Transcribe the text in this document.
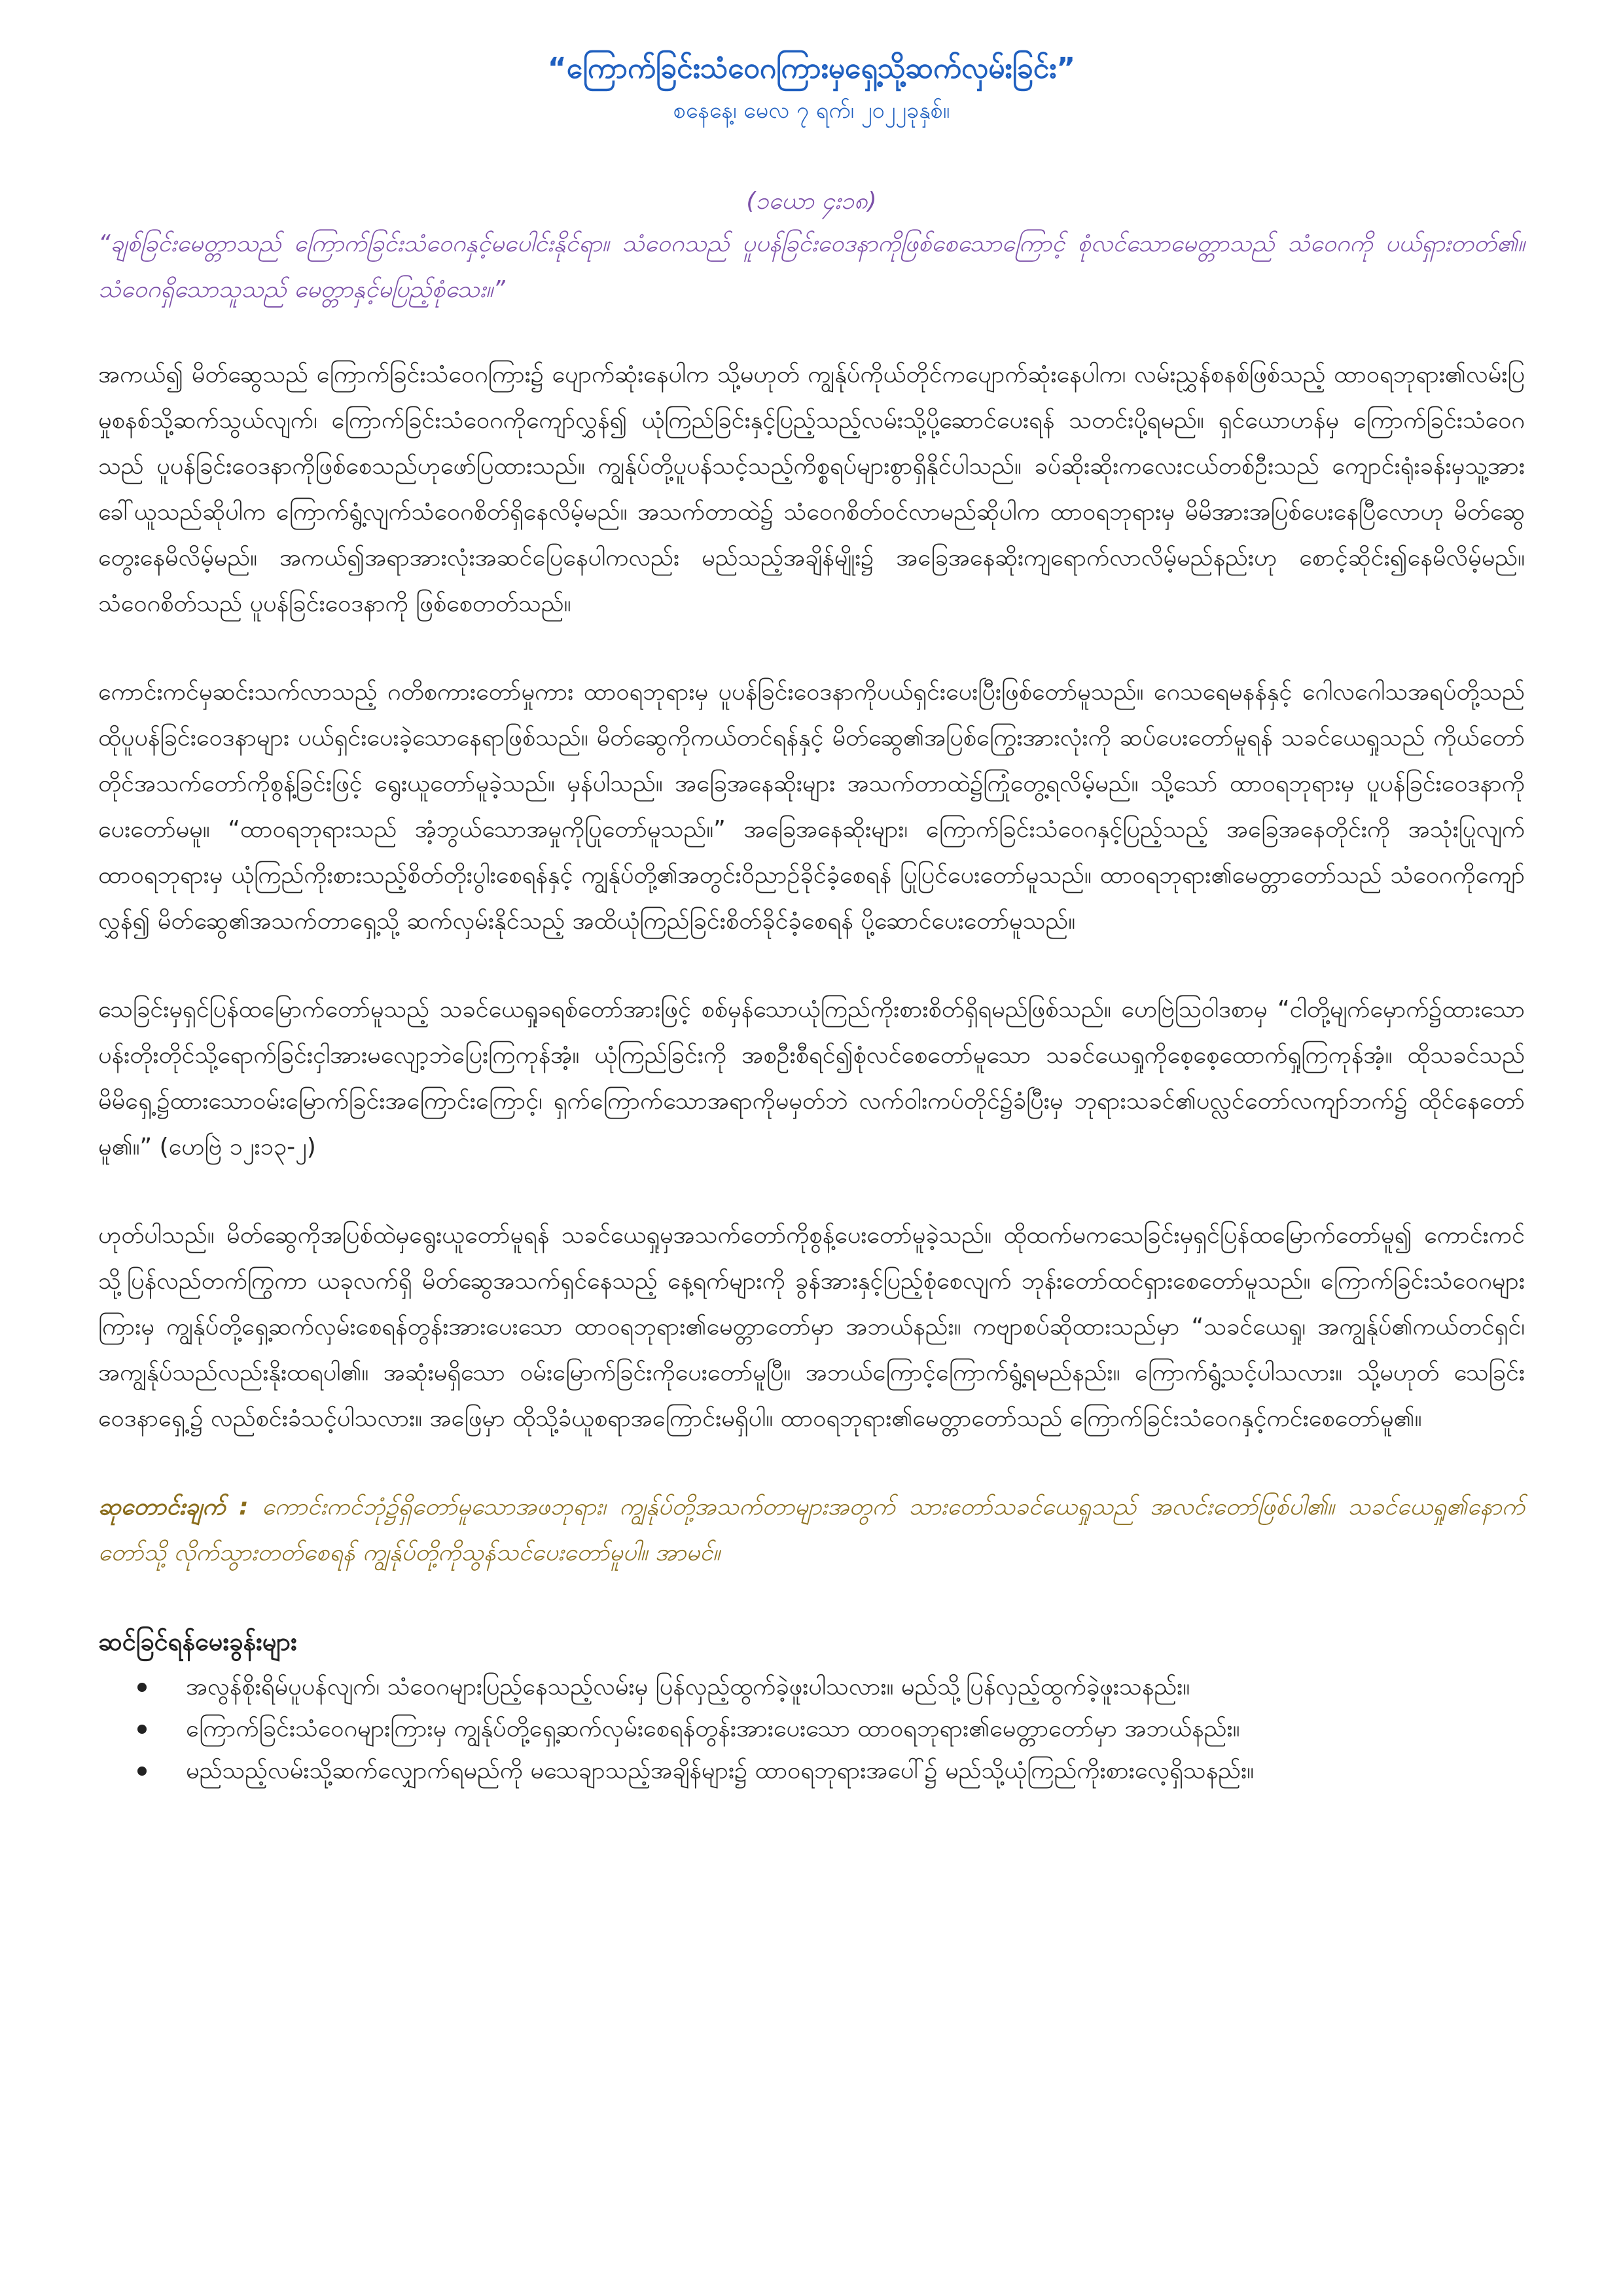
“ကြောက်ခြင်းသံဝေဂကြားမှရှေ့သို့ဆက်လှမ်းခြင်း”

စနေနေ့၊ မေလ ၇ ရက်၊ ၂၀၂၂ခုနှစ်။

(၁ယော ၄း၁၈)

“ချစ်ခြင်းမေတ္တာသည် ကြောက်ခြင်းသံဝေဂနှင့်မပေါင်းနိုင်ရာ။ သံဝေဂသည် ပူပန်ခြင်းဝေဒနာကိုဖြစ်စေသောကြောင့် စုံလင်သောမေတ္တာသည် သံဝေဂကို ပယ်ရှားတတ်၏။ သံဝေဂရှိသောသူသည် မေတ္တာနှင့်မပြည့်စုံသေး။”

အကယ်၍ မိတ်ဆွေသည် ကြောက်ခြင်းသံဝေဂကြား၌ ပျောက်ဆုံးနေပါက သို့မဟုတ် ကျွန်ုပ်ကိုယ်တိုင်ကပျောက်ဆုံးနေပါက၊ လမ်းညွှန်စနစ်ဖြစ်သည့် ထာဝရဘုရား၏လမ်းပြမှုစနစ်သို့ဆက်သွယ်လျက်၊ ကြောက်ခြင်းသံဝေဂကိုကျော်လွှန်၍ ယုံကြည်ခြင်းနှင့်ပြည့်သည့်လမ်းသို့ပို့ဆောင်ပေးရန် သတင်းပို့ရမည်။ ရှင်ယောဟန်မှ ကြောက်ခြင်းသံဝေဂသည် ပူပန်ခြင်းဝေဒနာကိုဖြစ်စေသည်ဟုဖော်ပြထားသည်။ ကျွန်ုပ်တို့ပူပန်သင့်သည့်ကိစ္စရပ်များစွာရှိနိုင်ပါသည်။ ခပ်ဆိုးဆိုးကလေးငယ်တစ်ဦးသည် ကျောင်းရုံးခန်းမှသူ့အားခေါ်ယူသည်ဆိုပါက ကြောက်ရွံ့လျက်သံဝေဂစိတ်ရှိနေလိမ့်မည်။ အသက်တာထဲ၌ သံဝေဂစိတ်ဝင်လာမည်ဆိုပါက ထာဝရဘုရားမှ မိမိအားအပြစ်ပေးနေပြီလောဟု မိတ်ဆွေတွေးနေမိလိမ့်မည်။ အကယ်၍အရာအားလုံးအဆင်ပြေနေပါကလည်း မည်သည့်အချိန်မျိုး၌ အခြေအနေဆိုးကျရောက်လာလိမ့်မည်နည်းဟု စောင့်ဆိုင်း၍နေမိလိမ့်မည်။ သံဝေဂစိတ်သည် ပူပန်ခြင်းဝေဒနာကို ဖြစ်စေတတ်သည်။

ကောင်းကင်မှဆင်းသက်လာသည့် ဂတိစကားတော်မှုကား ထာဝရဘုရားမှ ပူပန်ခြင်းဝေဒနာကိုပယ်ရှင်းပေးပြီးဖြစ်တော်မူသည်။ ဂေသရေမနန်နှင့် ဂေါလဂေါသအရပ်တို့သည် ထိုပူပန်ခြင်းဝေဒနာများ ပယ်ရှင်းပေးခဲ့သောနေရာဖြစ်သည်။ မိတ်ဆွေကိုကယ်တင်ရန်နှင့် မိတ်ဆွေ၏အပြစ်ကြွေးအားလုံးကို ဆပ်ပေးတော်မူရန် သခင်ယေရှုသည် ကိုယ်တော်တိုင်အသက်တော်ကိုစွန့်ခြင်းဖြင့် ရွေးယူတော်မူခဲ့သည်။ မှန်ပါသည်။ အခြေအနေဆိုးများ အသက်တာထဲ၌ကြုံတွေ့ရလိမ့်မည်။ သို့သော် ထာဝရဘုရားမှ ပူပန်ခြင်းဝေဒနာကိုပေးတော်မမူ။ “ထာဝရဘုရားသည် အံ့ဘွယ်သောအမှုကိုပြုတော်မူသည်။” အခြေအနေဆိုးများ၊ ကြောက်ခြင်းသံဝေဂနှင့်ပြည့်သည့် အခြေအနေတိုင်းကို အသုံးပြုလျက် ထာဝရဘုရားမှ ယုံကြည်ကိုးစားသည့်စိတ်တိုးပွါးစေရန်နှင့် ကျွန်ုပ်တို့၏အတွင်းဝိညာဉ်ခိုင်ခံ့စေရန် ပြုပြင်ပေးတော်မူသည်။ ထာဝရဘုရား၏မေတ္တာတော်သည် သံဝေဂကိုကျော်လွှန်၍ မိတ်ဆွေ၏အသက်တာရှေ့သို့ ဆက်လှမ်းနိုင်သည့် အထိယုံကြည်ခြင်းစိတ်ခိုင်ခံ့စေရန် ပို့ဆောင်ပေးတော်မူသည်။

သေခြင်းမှရှင်ပြန်ထမြောက်တော်မူသည့် သခင်ယေရှုခရစ်တော်အားဖြင့် စစ်မှန်သောယုံကြည်ကိုးစားစိတ်ရှိရမည်ဖြစ်သည်။ ဟေဗြဲဩဝါဒစာမှ “ငါတို့မျက်မှောက်၌ထားသော ပန်းတိုးတိုင်သို့ရောက်ခြင်းငှါအားမလျော့ဘဲပြေးကြကုန်အံ့။ ယုံကြည်ခြင်းကို အစဦးစီရင်၍စုံလင်စေတော်မူသော သခင်ယေရှုကိုစေ့စေ့ထောက်ရှုကြကုန်အံ့။ ထိုသခင်သည် မိမိရှေ့၌ထားသောဝမ်းမြောက်ခြင်းအကြောင်းကြောင့်၊ ရှက်ကြောက်သောအရာကိုမမှတ်ဘဲ လက်ဝါးကပ်တိုင်၌ခံပြီးမှ ဘုရားသခင်၏ပလ္လင်တော်လကျာ်ဘက်၌ ထိုင်နေတော်မူ၏။” (ဟေဗြဲ ၁၂း၁‌၃-၂)

ဟုတ်ပါသည်။ မိတ်ဆွေကိုအပြစ်ထဲမှရွေးယူတော်မူရန် သခင်ယေရှုမှအသက်တော်ကိုစွန့်ပေးတော်မူခဲ့သည်။ ထိုထက်မကသေခြင်းမှရှင်ပြန်ထမြောက်တော်မူ၍ ကောင်းကင်သို့ပြန်လည်တက်ကြွကာ ယခုလက်ရှိ မိတ်ဆွေအသက်ရှင်နေသည့် နေ့ရက်များကို ခွန်အားနှင့်ပြည့်စုံစေလျက် ဘုန်းတော်ထင်ရှားစေတော်မူသည်။ ကြောက်ခြင်းသံဝေဂများကြားမှ ကျွန်ုပ်တို့ရှေ့ဆက်လှမ်းစေရန်တွန်းအားပေးသော ထာဝရဘုရား၏မေတ္တာတော်မှာ အဘယ်နည်း။ ကဗျာစပ်ဆိုထားသည်မှာ “သခင်ယေရှု၊ အကျွန်ုပ်၏ကယ်တင်ရှင်၊ အကျွန်ုပ်သည်လည်းနိုးထရပါ၏။ အဆုံးမရှိသော ဝမ်းမြောက်ခြင်းကိုပေးတော်မူပြီ။ အဘယ်ကြောင့်ကြောက်ရွံ့ရမည်နည်း။ ကြောက်ရွံ့သင့်ပါသလား။ သို့မဟုတ် သေခြင်းဝေဒနာရှေ့၌ လည်စင်းခံသင့်ပါသလား။ အဖြေမှာ ထိုသို့ခံယူစရာအကြောင်းမရှိပါ။ ထာဝရဘုရား၏မေတ္တာတော်သည် ကြောက်ခြင်းသံဝေဂနှင့်ကင်းစေတော်မူ၏။

ဆုတောင်းချက် : ကောင်းကင်ဘုံ၌ရှိတော်မူသောအဖဘုရား၊ ကျွန်ုပ်တို့အသက်တာများအတွက် သားတော်သခင်ယေရှုသည် အလင်းတော်ဖြစ်ပါ၏။ သခင်ယေရှု၏နောက်တော်သို့ လိုက်သွားတတ်စေရန် ကျွန်ုပ်တို့ကိုသွန်သင်ပေးတော်မူပါ။ အာမင်။

ဆင်ခြင်ရန်မေးခွန်းများ
အလွန်စိုးရိမ်ပူပန်လျက်၊ သံဝေဂများပြည့်နေသည့်လမ်းမှ ပြန်လှည့်ထွက်ခဲ့ဖူးပါသလား။ မည်သို့ပြန်လှည့်ထွက်ခဲ့ဖူးသနည်း။
ကြောက်ခြင်းသံဝေဂများကြားမှ ကျွန်ုပ်တို့ရှေ့ဆက်လှမ်းစေရန်တွန်းအားပေးသော ထာဝရဘုရား၏မေတ္တာတော်မှာ အဘယ်နည်း။
မည်သည့်လမ်းသို့ဆက်လျှောက်ရမည်ကို မသေချာသည့်အချိန်များ၌ ထာဝရဘုရားအပေါ်၌ မည်သို့ယုံကြည်ကိုးစားလေ့ရှိသနည်း။
